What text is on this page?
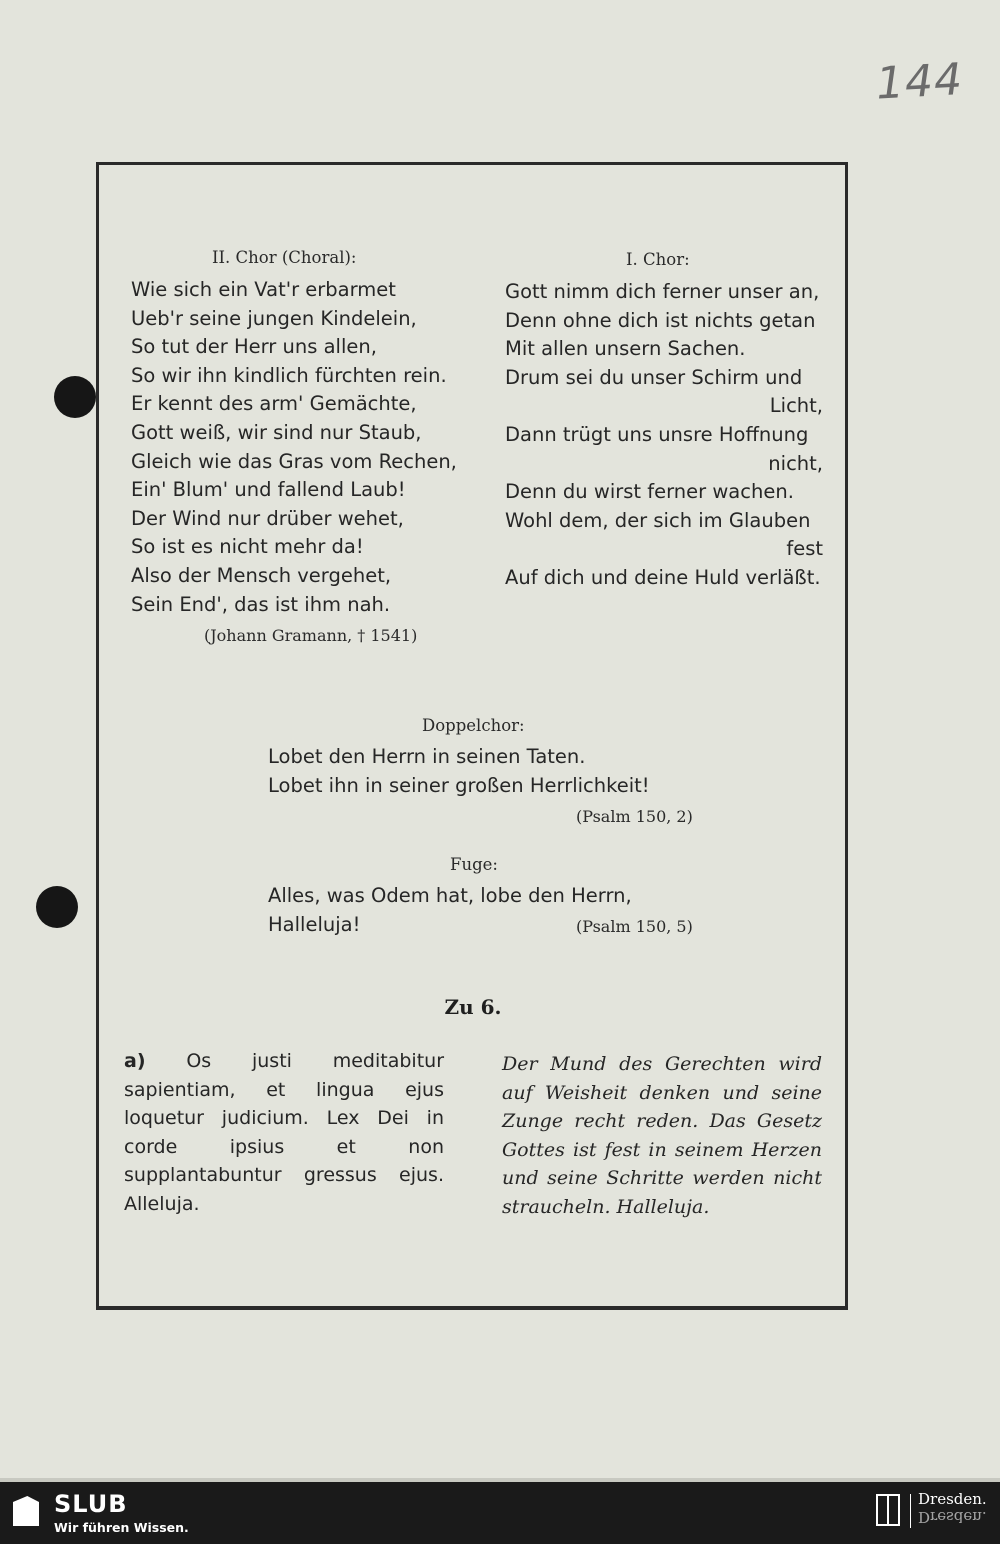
144
II. Chor (Choral):
Wie sich ein Vat'r erbarmet
Ueb'r seine jungen Kindelein,
So tut der Herr uns allen,
So wir ihn kindlich fürchten rein.
Er kennt des arm' Gemächte,
Gott weiß, wir sind nur Staub,
Gleich wie das Gras vom Rechen,
Ein' Blum' und fallend Laub!
Der Wind nur drüber wehet,
So ist es nicht mehr da!
Also der Mensch vergehet,
Sein End', das ist ihm nah.
(Johann Gramann, † 1541)
I. Chor:
Gott nimm dich ferner unser an,
Denn ohne dich ist nichts getan
Mit allen unsern Sachen.
Drum sei du unser Schirm und
Licht,
Dann trügt uns unsre Hoffnung
nicht,
Denn du wirst ferner wachen.
Wohl dem, der sich im Glauben
fest
Auf dich und deine Huld verläßt.
Doppelchor:
Lobet den Herrn in seinen Taten.
Lobet ihn in seiner großen Herrlichkeit!
(Psalm 150, 2)
Fuge:
Alles, was Odem hat, lobe den Herrn,
Halleluja!	(Psalm 150, 5)
Zu 6.
a) Os justi meditabitur sapientiam, et lingua ejus loquetur judicium. Lex Dei in corde ipsius et non supplantabuntur gressus ejus. Alleluja.
Der Mund des Gerechten wird auf Weisheit denken und seine Zunge recht reden. Das Gesetz Gottes ist fest in seinem Herzen und seine Schritte werden nicht straucheln. Halleluja.
SLUB
Wir führen Wissen.
Dresden.
Dresden.
